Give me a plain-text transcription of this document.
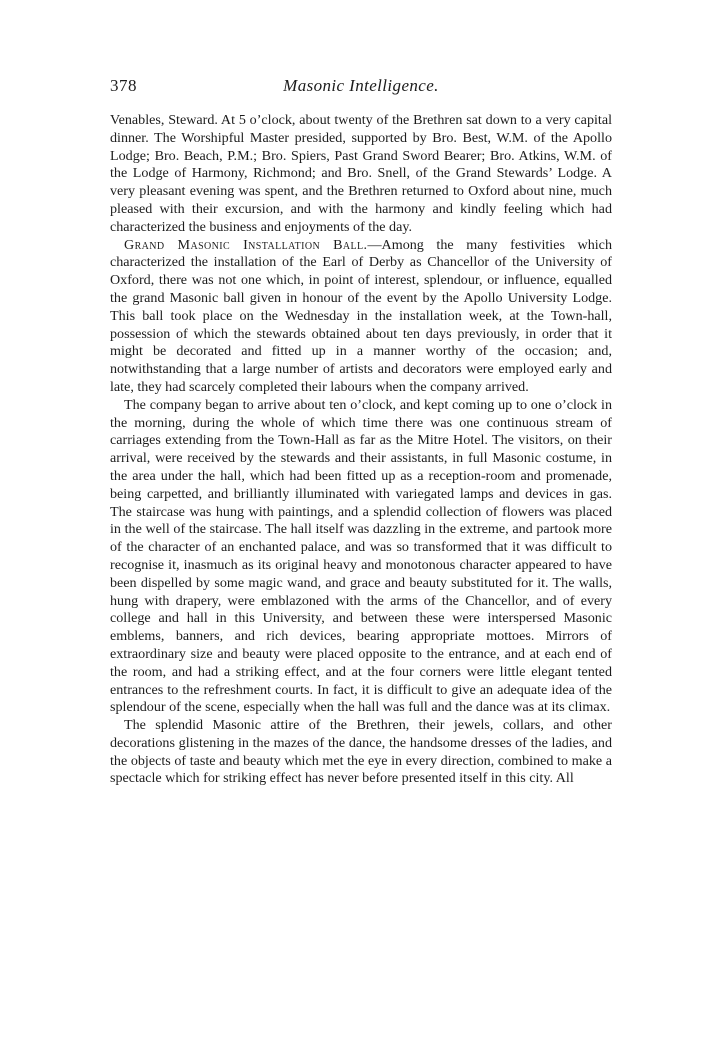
378	Masonic Intelligence.

Venables, Steward. At 5 o’clock, about twenty of the Brethren sat down to a very capital dinner. The Worshipful Master presided, supported by Bro. Best, W.M. of the Apollo Lodge; Bro. Beach, P.M.; Bro. Spiers, Past Grand Sword Bearer; Bro. Atkins, W.M. of the Lodge of Harmony, Richmond; and Bro. Snell, of the Grand Stewards’ Lodge. A very pleasant evening was spent, and the Brethren returned to Oxford about nine, much pleased with their excursion, and with the harmony and kindly feeling which had characterized the business and enjoyments of the day.

Grand Masonic Installation Ball.—Among the many festivities which characterized the installation of the Earl of Derby as Chancellor of the University of Oxford, there was not one which, in point of interest, splendour, or influence, equalled the grand Masonic ball given in honour of the event by the Apollo University Lodge. This ball took place on the Wednesday in the installation week, at the Town-hall, possession of which the stewards obtained about ten days previously, in order that it might be decorated and fitted up in a manner worthy of the occasion; and, notwithstanding that a large number of artists and decorators were employed early and late, they had scarcely completed their labours when the company arrived.

The company began to arrive about ten o’clock, and kept coming up to one o’clock in the morning, during the whole of which time there was one continuous stream of carriages extending from the Town-Hall as far as the Mitre Hotel. The visitors, on their arrival, were received by the stewards and their assistants, in full Masonic costume, in the area under the hall, which had been fitted up as a reception-room and promenade, being carpetted, and brilliantly illuminated with variegated lamps and devices in gas. The staircase was hung with paintings, and a splendid collection of flowers was placed in the well of the staircase. The hall itself was dazzling in the extreme, and partook more of the character of an enchanted palace, and was so transformed that it was difficult to recognise it, inasmuch as its original heavy and monotonous character appeared to have been dispelled by some magic wand, and grace and beauty substituted for it. The walls, hung with drapery, were emblazoned with the arms of the Chancellor, and of every college and hall in this University, and between these were interspersed Masonic emblems, banners, and rich devices, bearing appropriate mottoes. Mirrors of extraordinary size and beauty were placed opposite to the entrance, and at each end of the room, and had a striking effect, and at the four corners were little elegant tented entrances to the refreshment courts. In fact, it is difficult to give an adequate idea of the splendour of the scene, especially when the hall was full and the dance was at its climax.

The splendid Masonic attire of the Brethren, their jewels, collars, and other decorations glistening in the mazes of the dance, the handsome dresses of the ladies, and the objects of taste and beauty which met the eye in every direction, combined to make a spectacle which for striking effect has never before presented itself in this city. All
